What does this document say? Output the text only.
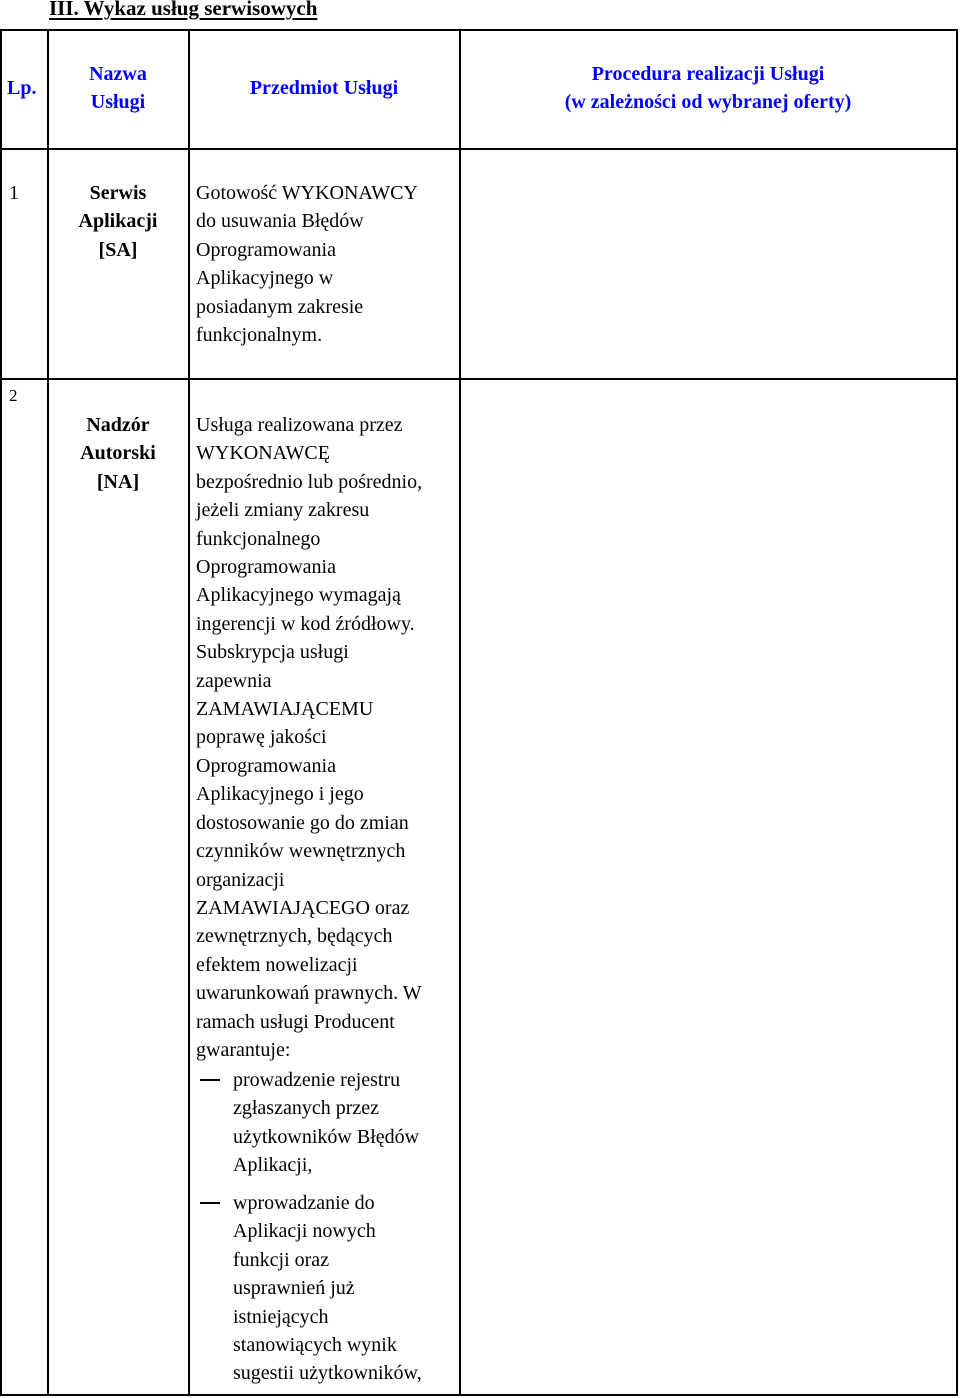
III. Wykaz usług serwisowych
Lp.
Nazwa
Usługi
Przedmiot Usługi
Procedura realizacji Usługi
(w zależności od wybranej oferty)
1	Serwis
Aplikacji
[SA]
Gotowość WYKONAWCY
do usuwania Błędów
Oprogramowania
Aplikacyjnego w
posiadanym zakresie
funkcjonalnym.
2
Nadzór
Autorski
[NA]
Usługa realizowana przez
WYKONAWCĘ
bezpośrednio lub pośrednio,
jeżeli zmiany zakresu
funkcjonalnego
Oprogramowania
Aplikacyjnego wymagają
ingerencji w kod źródłowy.
Subskrypcja usługi
zapewnia
ZAMAWIAJĄCEMU
poprawę jakości
Oprogramowania
Aplikacyjnego i jego
dostosowanie go do zmian
czynników wewnętrznych
organizacji
ZAMAWIAJĄCEGO oraz
zewnętrznych, będących
efektem nowelizacji
uwarunkowań prawnych. W
ramach usługi Producent
gwarantuje:
prowadzenie rejestru
zgłaszanych przez
użytkowników Błędów
Aplikacji,
wprowadzanie do
Aplikacji nowych
funkcji oraz
usprawnień już
istniejących
stanowiących wynik
sugestii użytkowników,
